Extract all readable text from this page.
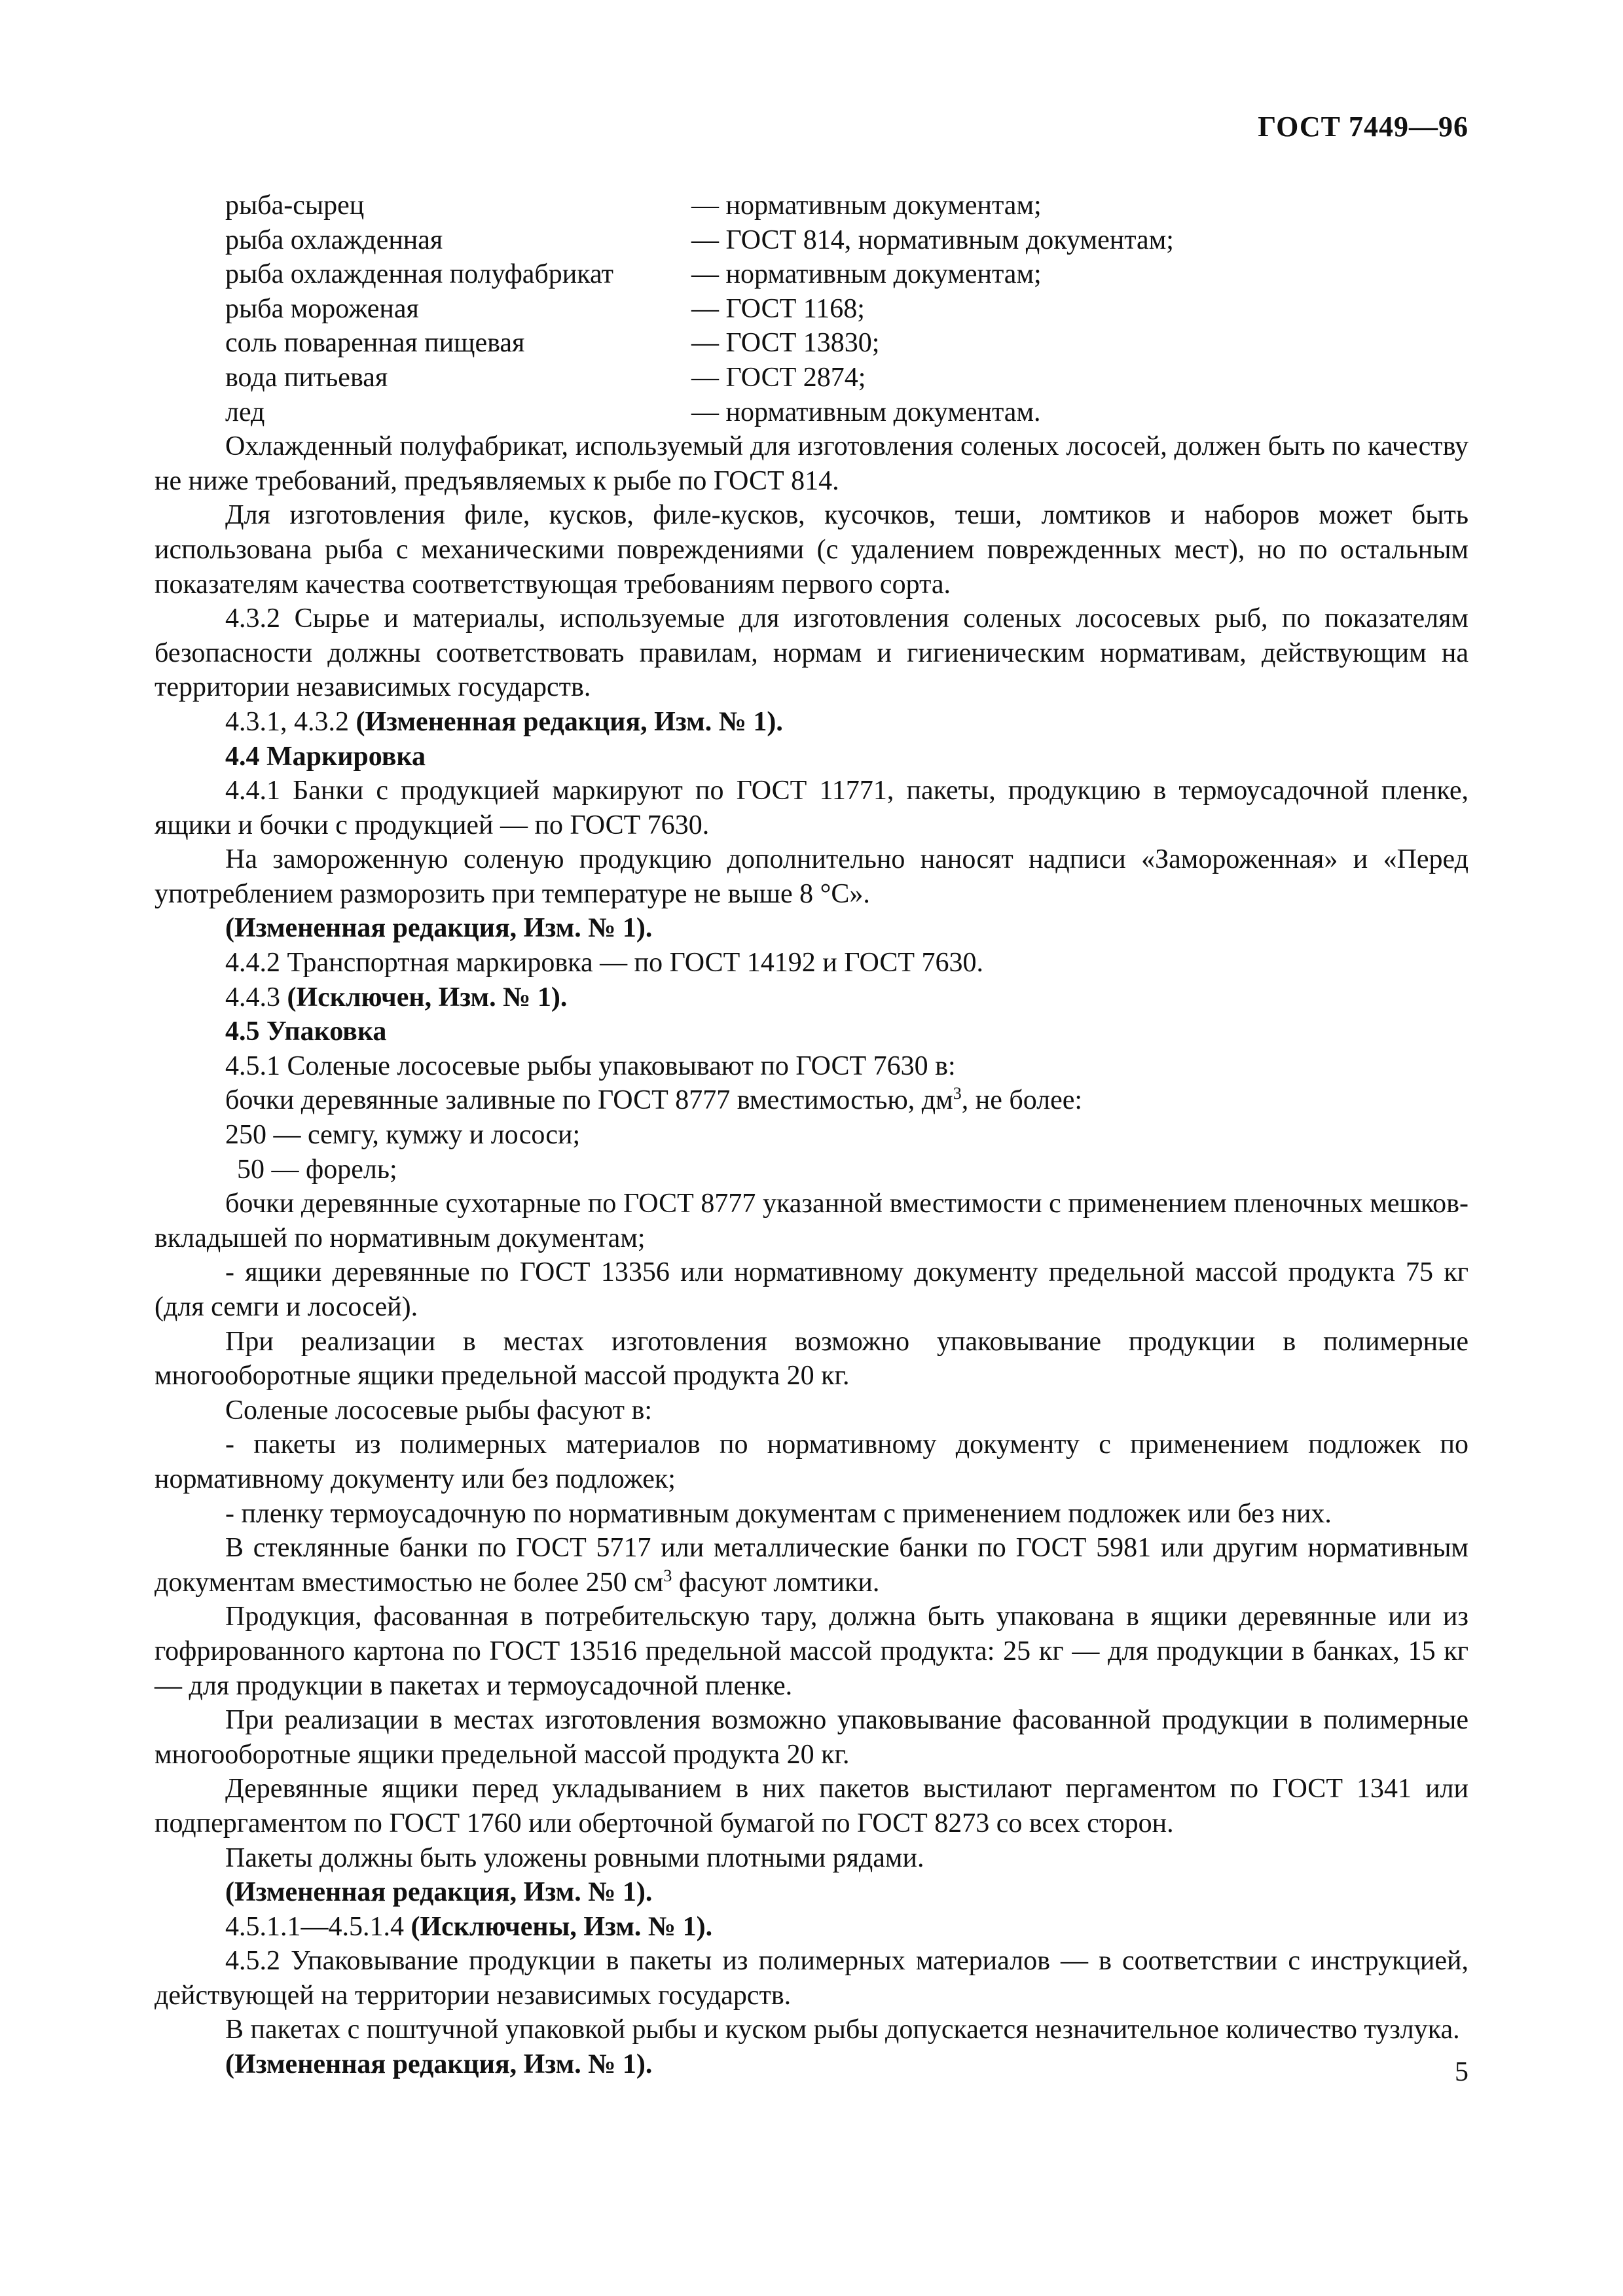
ГОСТ 7449—96
рыба-сырец	— нормативным документам;
рыба охлажденная	— ГОСТ 814, нормативным документам;
рыба охлажденная полуфабрикат	— нормативным документам;
рыба мороженая	— ГОСТ 1168;
соль поваренная пищевая	— ГОСТ 13830;
вода питьевая	— ГОСТ 2874;
лед	— нормативным документам.

Охлажденный полуфабрикат, используемый для изготовления соленых лососей, должен быть по качеству не ниже требований, предъявляемых к рыбе по ГОСТ 814.

Для изготовления филе, кусков, филе-кусков, кусочков, теши, ломтиков и наборов может быть использована рыба с механическими повреждениями (с удалением поврежденных мест), но по остальным показателям качества соответствующая требованиям первого сорта.

4.3.2 Сырье и материалы, используемые для изготовления соленых лососевых рыб, по показателям безопасности должны соответствовать правилам, нормам и гигиеническим нормативам, действующим на территории независимых государств.

4.3.1, 4.3.2 (Измененная редакция, Изм. № 1).

4.4 Маркировка

4.4.1 Банки с продукцией маркируют по ГОСТ 11771, пакеты, продукцию в термоусадочной пленке, ящики и бочки с продукцией — по ГОСТ 7630.

На замороженную соленую продукцию дополнительно наносят надписи «Замороженная» и «Перед употреблением разморозить при температуре не выше 8 °С».

(Измененная редакция, Изм. № 1).

4.4.2 Транспортная маркировка — по ГОСТ 14192 и ГОСТ 7630.

4.4.3 (Исключен, Изм. № 1).

4.5 Упаковка

4.5.1 Соленые лососевые рыбы упаковывают по ГОСТ 7630 в:

бочки деревянные заливные по ГОСТ 8777 вместимостью, $дм^3$, не более:

250 — семгу, кумжу и лососи;

50 — форель;

бочки деревянные сухотарные по ГОСТ 8777 указанной вместимости с применением пленочных мешков-вкладышей по нормативным документам;

- ящики деревянные по ГОСТ 13356 или нормативному документу предельной массой продукта 75 кг (для семги и лососей).

При реализации в местах изготовления возможно упаковывание продукции в полимерные многооборотные ящики предельной массой продукта 20 кг.

Соленые лососевые рыбы фасуют в:

- пакеты из полимерных материалов по нормативному документу с применением подложек по нормативному документу или без подложек;

- пленку термоусадочную по нормативным документам с применением подложек или без них.

В стеклянные банки по ГОСТ 5717 или металлические банки по ГОСТ 5981 или другим нормативным документам вместимостью не более 250 $см^3$ фасуют ломтики.

Продукция, фасованная в потребительскую тару, должна быть упакована в ящики деревянные или из гофрированного картона по ГОСТ 13516 предельной массой продукта: 25 кг — для продукции в банках, 15 кг — для продукции в пакетах и термоусадочной пленке.

При реализации в местах изготовления возможно упаковывание фасованной продукции в полимерные многооборотные ящики предельной массой продукта 20 кг.

Деревянные ящики перед укладыванием в них пакетов выстилают пергаментом по ГОСТ 1341 или подпергаментом по ГОСТ 1760 или оберточной бумагой по ГОСТ 8273 со всех сторон.

Пакеты должны быть уложены ровными плотными рядами.

(Измененная редакция, Изм. № 1).

4.5.1.1—4.5.1.4 (Исключены, Изм. № 1).

4.5.2 Упаковывание продукции в пакеты из полимерных материалов — в соответствии с инструкцией, действующей на территории независимых государств.

В пакетах с поштучной упаковкой рыбы и куском рыбы допускается незначительное количество тузлука.

(Измененная редакция, Изм. № 1).	5
